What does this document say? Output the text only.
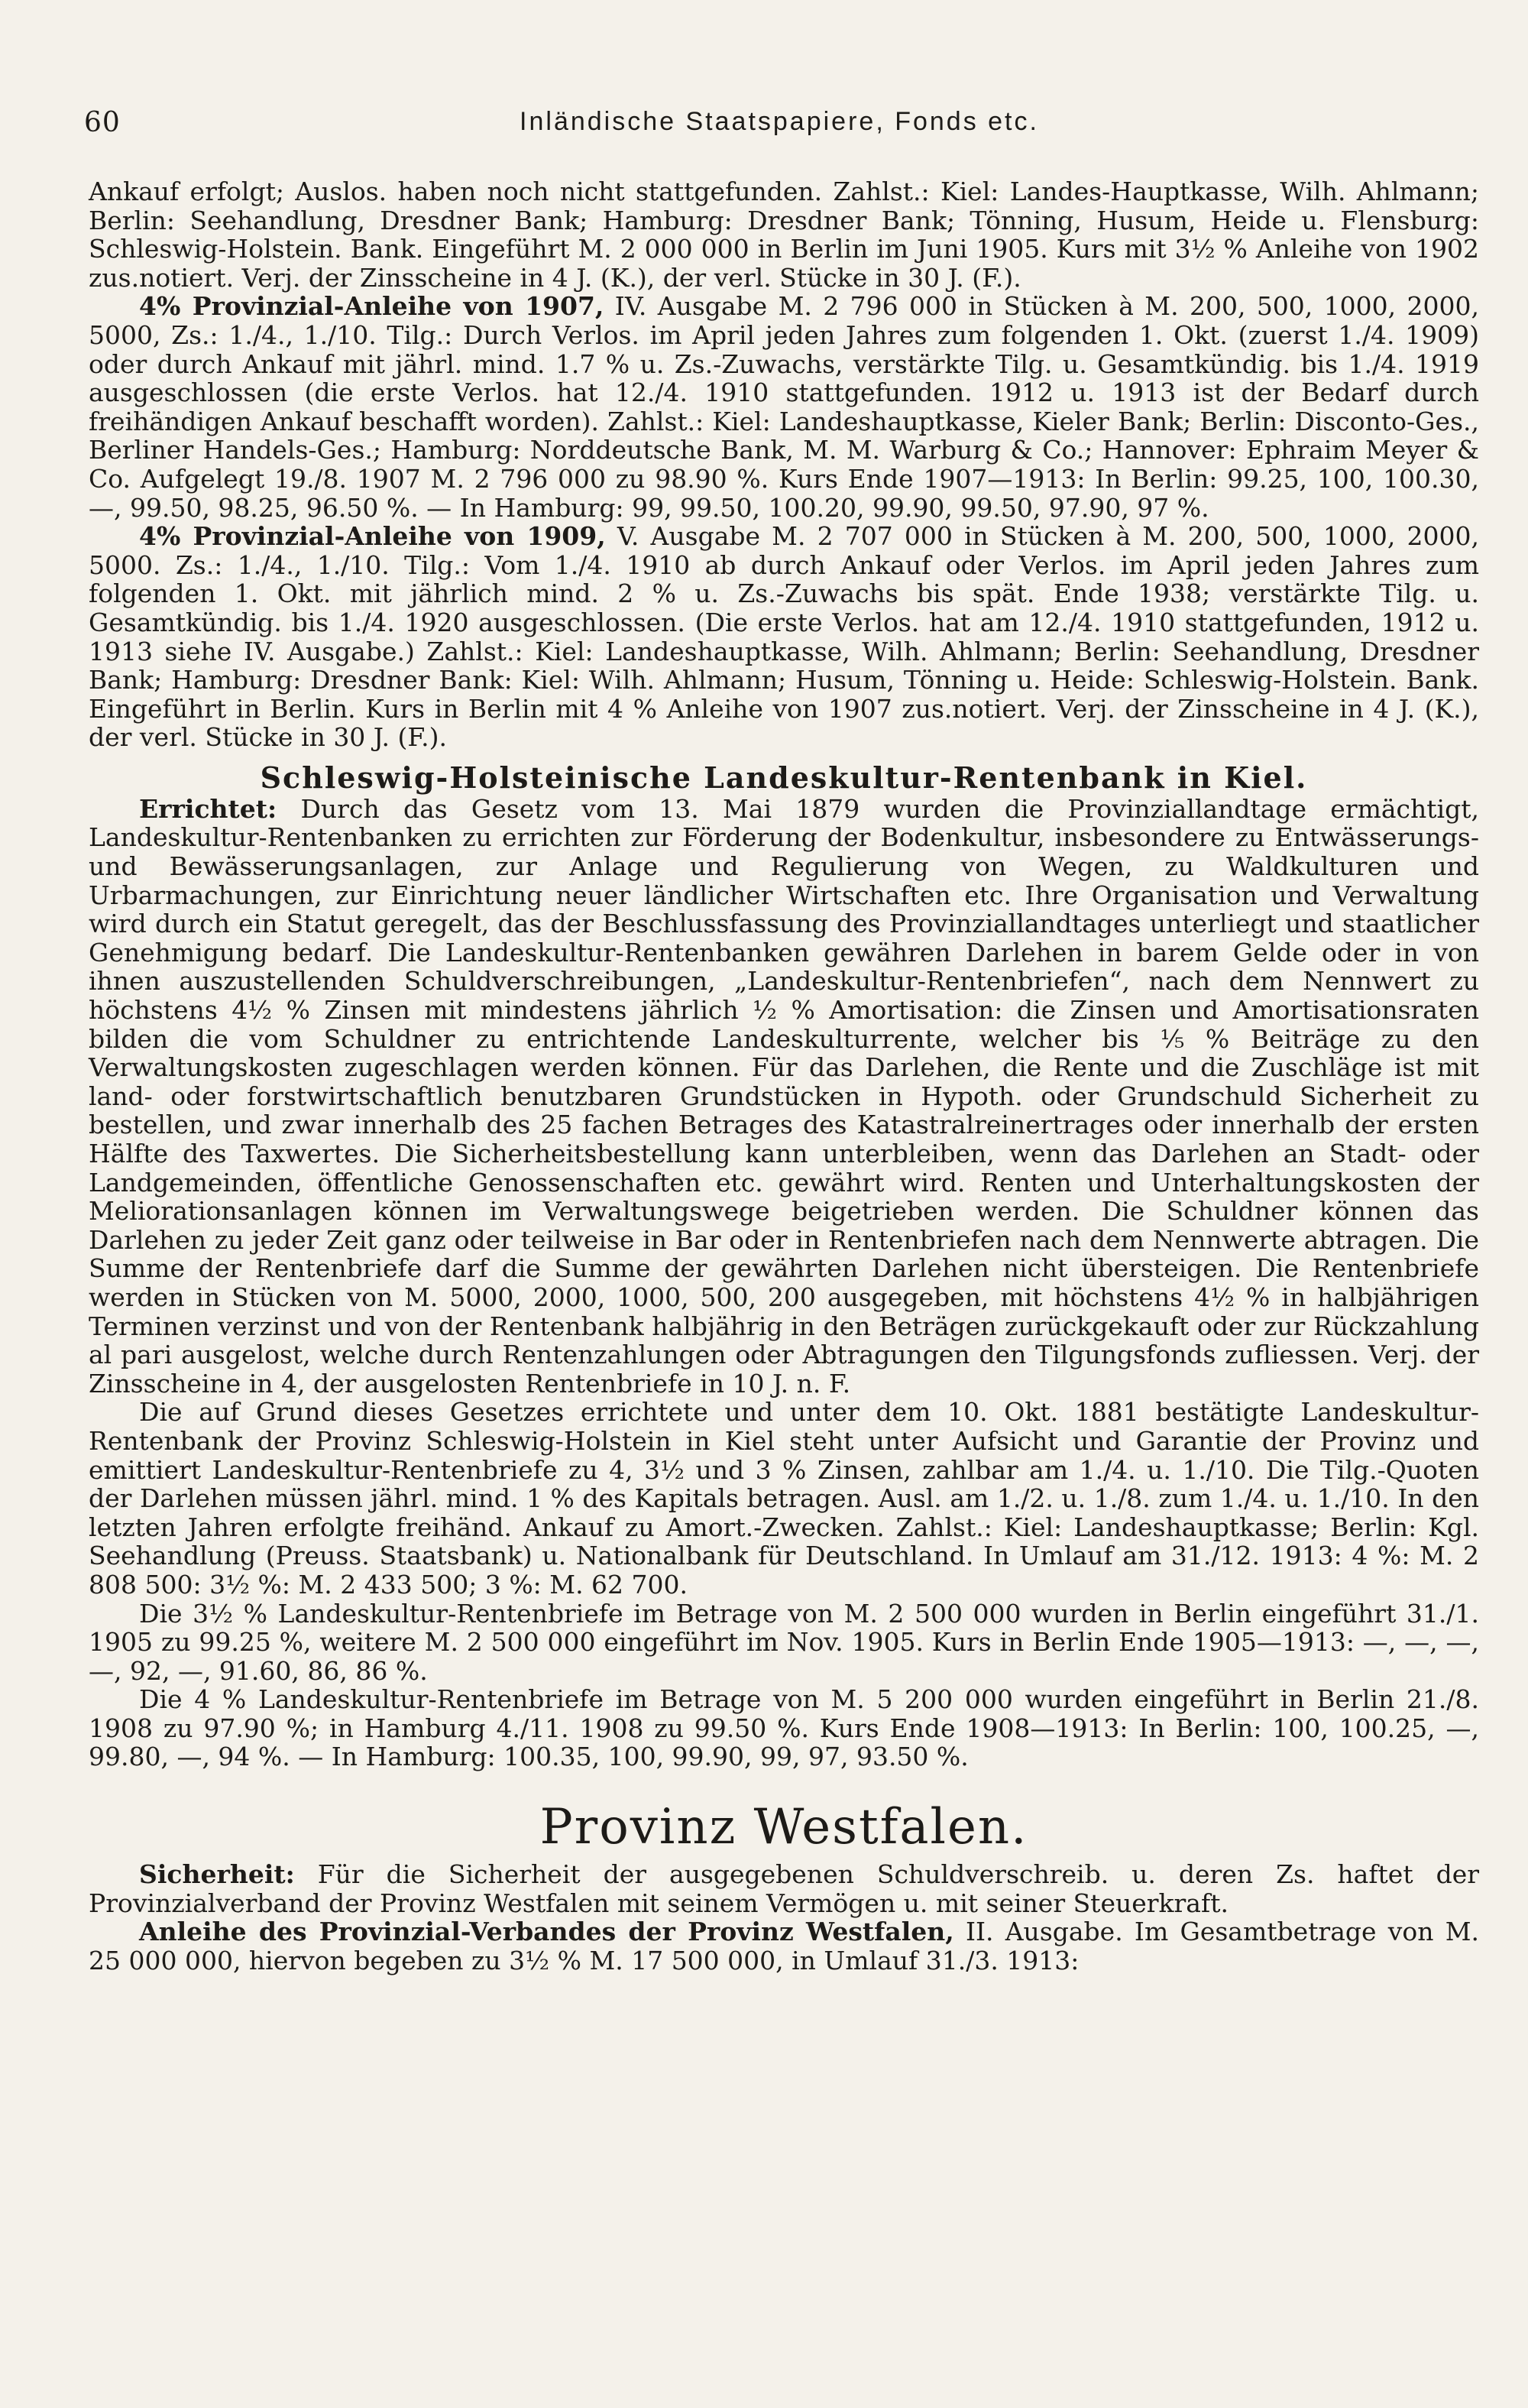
60	Inländische Staatspapiere, Fonds etc.

Ankauf erfolgt; Auslos. haben noch nicht stattgefunden. Zahlst.: Kiel: Landes-Hauptkasse, Wilh. Ahlmann; Berlin: Seehandlung, Dresdner Bank; Hamburg: Dresdner Bank; Tönning, Husum, Heide u. Flensburg: Schleswig-Holstein. Bank. Eingeführt M. 2 000 000 in Berlin im Juni 1905. Kurs mit 3½ % Anleihe von 1902 zus.notiert. Verj. der Zinsscheine in 4 J. (K.), der verl. Stücke in 30 J. (F.).

4% Provinzial-Anleihe von 1907, IV. Ausgabe M. 2 796 000 in Stücken à M. 200, 500, 1000, 2000, 5000, Zs.: 1./4., 1./10. Tilg.: Durch Verlos. im April jeden Jahres zum folgenden 1. Okt. (zuerst 1./4. 1909) oder durch Ankauf mit jährl. mind. 1.7 % u. Zs.-Zuwachs, verstärkte Tilg. u. Gesamtkündig. bis 1./4. 1919 ausgeschlossen (die erste Verlos. hat 12./4. 1910 stattgefunden. 1912 u. 1913 ist der Bedarf durch freihändigen Ankauf beschafft worden). Zahlst.: Kiel: Landeshauptkasse, Kieler Bank; Berlin: Disconto-Ges., Berliner Handels-Ges.; Hamburg: Norddeutsche Bank, M. M. Warburg & Co.; Hannover: Ephraim Meyer & Co. Aufgelegt 19./8. 1907 M. 2 796 000 zu 98.90 %. Kurs Ende 1907—1913: In Berlin: 99.25, 100, 100.30, —, 99.50, 98.25, 96.50 %. — In Hamburg: 99, 99.50, 100.20, 99.90, 99.50, 97.90, 97 %.

4% Provinzial-Anleihe von 1909, V. Ausgabe M. 2 707 000 in Stücken à M. 200, 500, 1000, 2000, 5000. Zs.: 1./4., 1./10. Tilg.: Vom 1./4. 1910 ab durch Ankauf oder Verlos. im April jeden Jahres zum folgenden 1. Okt. mit jährlich mind. 2 % u. Zs.-Zuwachs bis spät. Ende 1938; verstärkte Tilg. u. Gesamtkündig. bis 1./4. 1920 ausgeschlossen. (Die erste Verlos. hat am 12./4. 1910 stattgefunden, 1912 u. 1913 siehe IV. Ausgabe.) Zahlst.: Kiel: Landeshauptkasse, Wilh. Ahlmann; Berlin: Seehandlung, Dresdner Bank; Hamburg: Dresdner Bank: Kiel: Wilh. Ahlmann; Husum, Tönning u. Heide: Schleswig-Holstein. Bank. Eingeführt in Berlin. Kurs in Berlin mit 4 % Anleihe von 1907 zus.notiert. Verj. der Zinsscheine in 4 J. (K.), der verl. Stücke in 30 J. (F.).

Schleswig-Holsteinische Landeskultur-Rentenbank in Kiel.

Errichtet: Durch das Gesetz vom 13. Mai 1879 wurden die Provinziallandtage ermächtigt, Landeskultur-Rentenbanken zu errichten zur Förderung der Bodenkultur, insbesondere zu Entwässerungs- und Bewässerungsanlagen, zur Anlage und Regulierung von Wegen, zu Waldkulturen und Urbarmachungen, zur Einrichtung neuer ländlicher Wirtschaften etc. Ihre Organisation und Verwaltung wird durch ein Statut geregelt, das der Beschlussfassung des Provinziallandtages unterliegt und staatlicher Genehmigung bedarf. Die Landeskultur-Rentenbanken gewähren Darlehen in barem Gelde oder in von ihnen auszustellenden Schuldverschreibungen, „Landeskultur-Rentenbriefen“, nach dem Nennwert zu höchstens 4½ % Zinsen mit mindestens jährlich ½ % Amortisation: die Zinsen und Amortisationsraten bilden die vom Schuldner zu entrichtende Landeskulturrente, welcher bis ⅕ % Beiträge zu den Verwaltungskosten zugeschlagen werden können. Für das Darlehen, die Rente und die Zuschläge ist mit land- oder forstwirtschaftlich benutzbaren Grundstücken in Hypoth. oder Grundschuld Sicherheit zu bestellen, und zwar innerhalb des 25 fachen Betrages des Katastralreinertrages oder innerhalb der ersten Hälfte des Taxwertes. Die Sicherheitsbestellung kann unterbleiben, wenn das Darlehen an Stadt- oder Landgemeinden, öffentliche Genossenschaften etc. gewährt wird. Renten und Unterhaltungskosten der Meliorationsanlagen können im Verwaltungswege beigetrieben werden. Die Schuldner können das Darlehen zu jeder Zeit ganz oder teilweise in Bar oder in Rentenbriefen nach dem Nennwerte abtragen. Die Summe der Rentenbriefe darf die Summe der gewährten Darlehen nicht übersteigen. Die Rentenbriefe werden in Stücken von M. 5000, 2000, 1000, 500, 200 ausgegeben, mit höchstens 4½ % in halbjährigen Terminen verzinst und von der Rentenbank halbjährig in den Beträgen zurückgekauft oder zur Rückzahlung al pari ausgelost, welche durch Rentenzahlungen oder Abtragungen den Tilgungsfonds zufliessen. Verj. der Zinsscheine in 4, der ausgelosten Rentenbriefe in 10 J. n. F.

Die auf Grund dieses Gesetzes errichtete und unter dem 10. Okt. 1881 bestätigte Landeskultur-Rentenbank der Provinz Schleswig-Holstein in Kiel steht unter Aufsicht und Garantie der Provinz und emittiert Landeskultur-Rentenbriefe zu 4, 3½ und 3 % Zinsen, zahlbar am 1./4. u. 1./10. Die Tilg.-Quoten der Darlehen müssen jährl. mind. 1 % des Kapitals betragen. Ausl. am 1./2. u. 1./8. zum 1./4. u. 1./10. In den letzten Jahren erfolgte freihänd. Ankauf zu Amort.-Zwecken. Zahlst.: Kiel: Landeshauptkasse; Berlin: Kgl. Seehandlung (Preuss. Staatsbank) u. Nationalbank für Deutschland. In Umlauf am 31./12. 1913: 4 %: M. 2 808 500: 3½ %: M. 2 433 500; 3 %: M. 62 700.

Die 3½ % Landeskultur-Rentenbriefe im Betrage von M. 2 500 000 wurden in Berlin eingeführt 31./1. 1905 zu 99.25 %, weitere M. 2 500 000 eingeführt im Nov. 1905. Kurs in Berlin Ende 1905—1913: —, —, —, —, 92, —, 91.60, 86, 86 %.

Die 4 % Landeskultur-Rentenbriefe im Betrage von M. 5 200 000 wurden eingeführt in Berlin 21./8. 1908 zu 97.90 %; in Hamburg 4./11. 1908 zu 99.50 %. Kurs Ende 1908—1913: In Berlin: 100, 100.25, —, 99.80, —, 94 %. — In Hamburg: 100.35, 100, 99.90, 99, 97, 93.50 %.

Provinz Westfalen.

Sicherheit: Für die Sicherheit der ausgegebenen Schuldverschreib. u. deren Zs. haftet der Provinzialverband der Provinz Westfalen mit seinem Vermögen u. mit seiner Steuerkraft.

Anleihe des Provinzial-Verbandes der Provinz Westfalen, II. Ausgabe. Im Gesamtbetrage von M. 25 000 000, hiervon begeben zu 3½ % M. 17 500 000, in Umlauf 31./3. 1913:
